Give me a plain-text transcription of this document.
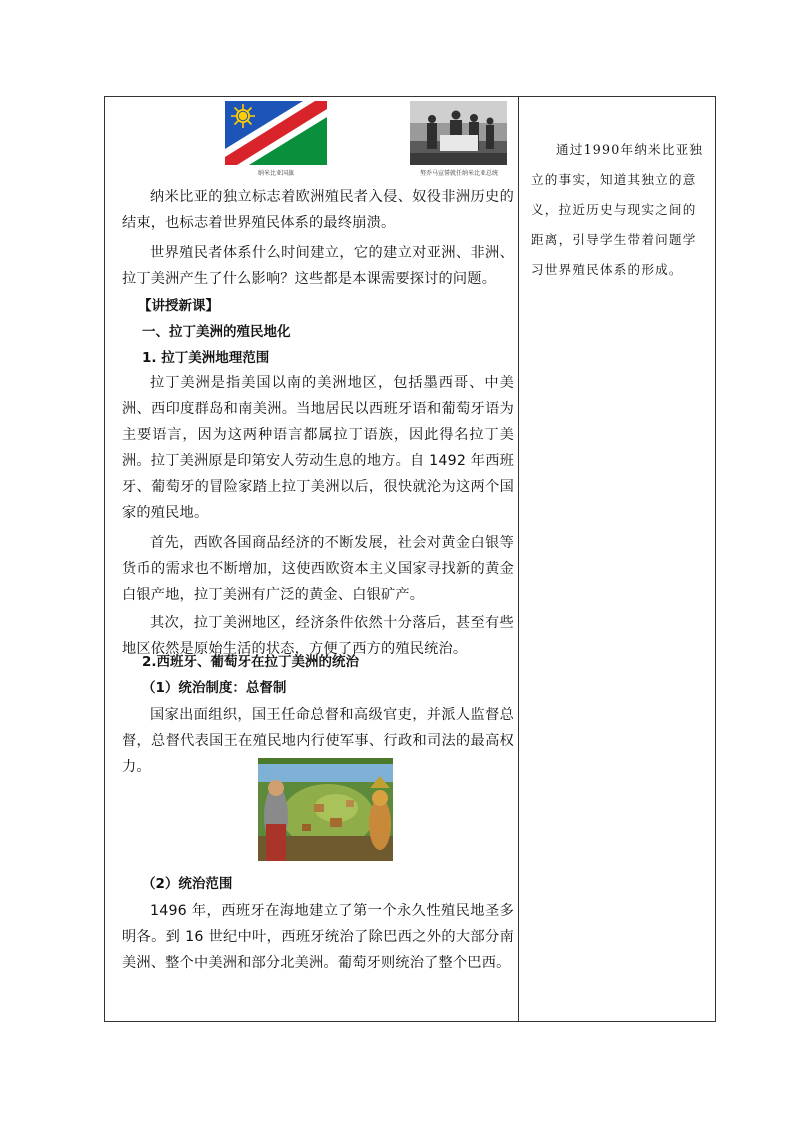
纳米比亚国旗	努乔马宣誓就任纳米比亚总统

纳米比亚的独立标志着欧洲殖民者入侵、奴役非洲历史的结束，也标志着世界殖民体系的最终崩溃。

世界殖民者体系什么时间建立，它的建立对亚洲、非洲、拉丁美洲产生了什么影响？这些都是本课需要探讨的问题。

【讲授新课】

一、拉丁美洲的殖民地化

1. 拉丁美洲地理范围

拉丁美洲是指美国以南的美洲地区，包括墨西哥、中美洲、西印度群岛和南美洲。当地居民以西班牙语和葡萄牙语为主要语言，因为这两种语言都属拉丁语族，因此得名拉丁美洲。拉丁美洲原是印第安人劳动生息的地方。自 1492 年西班牙、葡萄牙的冒险家踏上拉丁美洲以后，很快就沦为这两个国家的殖民地。

首先，西欧各国商品经济的不断发展，社会对黄金白银等货币的需求也不断增加，这使西欧资本主义国家寻找新的黄金白银产地，拉丁美洲有广泛的黄金、白银矿产。

其次，拉丁美洲地区，经济条件依然十分落后，甚至有些地区依然是原始生活的状态，方便了西方的殖民统治。

2.西班牙、葡萄牙在拉丁美洲的统治

（1）统治制度：总督制

国家出面组织，国王任命总督和高级官吏，并派人监督总督，总督代表国王在殖民地内行使军事、行政和司法的最高权力。

（2）统治范围

1496 年，西班牙在海地建立了第一个永久性殖民地圣多明各。到 16 世纪中叶，西班牙统治了除巴西之外的大部分南美洲、整个中美洲和部分北美洲。葡萄牙则统治了整个巴西。

通过1990年纳米比亚独立的事实，知道其独立的意义，拉近历史与现实之间的距离，引导学生带着问题学习世界殖民体系的形成。
